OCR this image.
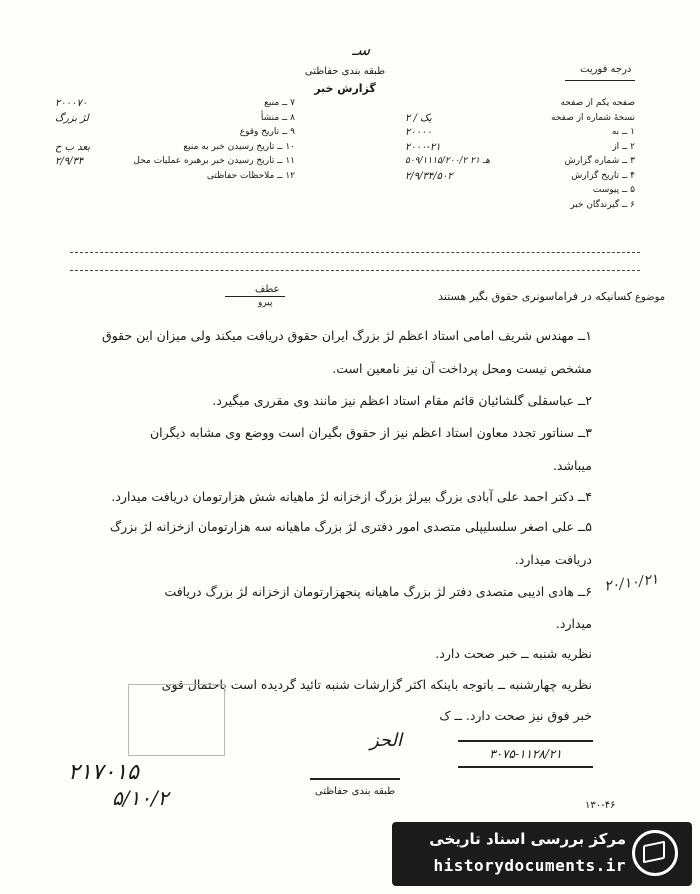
طبقه بندی حفاظتی
گزارش خبر
سـ
درجه فوریت
۲۰۰۰۷۰	۷ ــ منبع
لژ بزرگ	۸ ــ منشأ
۹ ــ تاریخ وقوع
بعد ب ح	۱۰ ــ تاریخ رسیدن خبر به منبع
۲/۹/۳۴	۱۱ ــ تاریخ رسیدن خبر برهبره عملیات محل
۱۲ ــ ملاحظات حفاظتی
صفحه یکم از صفحه
یک / ۲	نسخهٔ شماره از صفحه
۲۰۰۰۰	۱ ــ به
۲۰۰۰-۲۱	۲ ــ از
۵۰۹/۱۱۱۵/۲۰۰/۲ هـ ۲۱	۳ ــ شماره گزارش
۲/۹/۳۴/۵۰۲	۴ ــ تاریخ گزارش
۵ ــ پیوست
۶ ــ گیرندگان خبر
عطف
پیرو	کسانیکه در فراماسونری حقوق بگیر هستند موضوع
۱ــ مهندس شریف امامی استاد اعظم لژ بزرگ ایران حقوق دریافت میکند ولی میزان این حقوق
مشخص نیست ومحل پرداخت آن نیز نامعین است.
۲ــ عباسقلی گلشائیان قائم مقام استاد اعظم نیز مانند وی مقرری میگیرد.
۳ــ سناتور تجدد معاون استاد اعظم نیز از حقوق بگیران است ووضع وی مشابه دیگران
میباشد.
۴ــ دکتر احمد علی آبادی بزرگ بیرلژ بزرگ ازخزانه لژ ماهیانه شش هزارتومان دریافت میدارد.
۵ــ علی اصغر سلسلیپلی متصدی امور دفتری لژ بزرگ ماهیانه سه هزارتومان ازخزانه لژ بزرگ
دریافت میدارد.
۶ــ هادی ادیبی متصدی دفتر لژ بزرگ ماهیانه پنجهزارتومان ازخزانه لژ بزرگ دریافت
میدارد.
نظریه شنبه ــ خبر صحت دارد.
نظریه چهارشنبه ــ باتوجه باینکه اکثر گزارشات شنبه تائید گردیده است باحتمال قوی
خبر فوق نیز صحت دارد. ــ ک
۲۰/۱۰/۲۱
الحز
۳۰۷۵-۱۱۲۸/۲۱
۲۱۷۰۱۵
۵/۱۰/۲	طبقه بندی حفاظتی
۱۳۰-۴۶
مرکز بررسی اسناد تاریخی
historydocuments.ir
